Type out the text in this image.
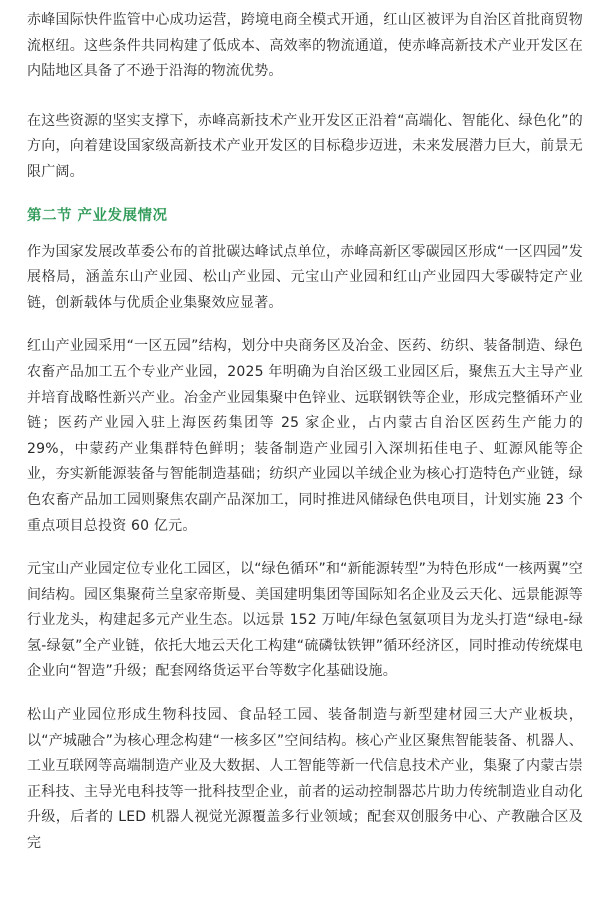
赤峰国际快件监管中心成功运营，跨境电商全模式开通，红山区被评为自治区首批商贸物流枢纽。这些条件共同构建了低成本、高效率的物流通道，使赤峰高新技术产业开发区在内陆地区具备了不逊于沿海的物流优势。

在这些资源的坚实支撑下，赤峰高新技术产业开发区正沿着“高端化、智能化、绿色化”的方向，向着建设国家级高新技术产业开发区的目标稳步迈进，未来发展潜力巨大，前景无限广阔。

第二节 产业发展情况

作为国家发展改革委公布的首批碳达峰试点单位，赤峰高新区零碳园区形成“一区四园”发展格局，涵盖东山产业园、松山产业园、元宝山产业园和红山产业园四大零碳特定产业链，创新载体与优质企业集聚效应显著。

红山产业园采用“一区五园”结构，划分中央商务区及冶金、医药、纺织、装备制造、绿色农畜产品加工五个专业产业园，2025 年明确为自治区级工业园区后，聚焦五大主导产业并培育战略性新兴产业。冶金产业园集聚中色锌业、远联钢铁等企业，形成完整循环产业链；医药产业园入驻上海医药集团等 25 家企业，占内蒙古自治区医药生产能力的 29%，中蒙药产业集群特色鲜明；装备制造产业园引入深圳拓佳电子、虹源风能等企业，夯实新能源装备与智能制造基础；纺织产业园以羊绒企业为核心打造特色产业链，绿色农畜产品加工园则聚焦农副产品深加工，同时推进风储绿色供电项目，计划实施 23 个重点项目总投资 60 亿元。

元宝山产业园定位专业化工园区，以“绿色循环”和“新能源转型”为特色形成“一核两翼”空间结构。园区集聚荷兰皇家帝斯曼、美国建明集团等国际知名企业及云天化、远景能源等行业龙头，构建起多元产业生态。以远景 152 万吨/年绿色氢氨项目为龙头打造“绿电-绿氢-绿氨”全产业链，依托大地云天化工构建“硫磷钛铁钾”循环经济区，同时推动传统煤电企业向“智造”升级；配套网络货运平台等数字化基础设施。

松山产业园位形成生物科技园、食品轻工园、装备制造与新型建材园三大产业板块，以“产城融合”为核心理念构建“一核多区”空间结构。核心产业区聚焦智能装备、机器人、工业互联网等高端制造产业及大数据、人工智能等新一代信息技术产业，集聚了内蒙古崇正科技、主导光电科技等一批科技型企业，前者的运动控制器芯片助力传统制造业自动化升级，后者的 LED 机器人视觉光源覆盖多行业领域；配套双创服务中心、产教融合区及完
